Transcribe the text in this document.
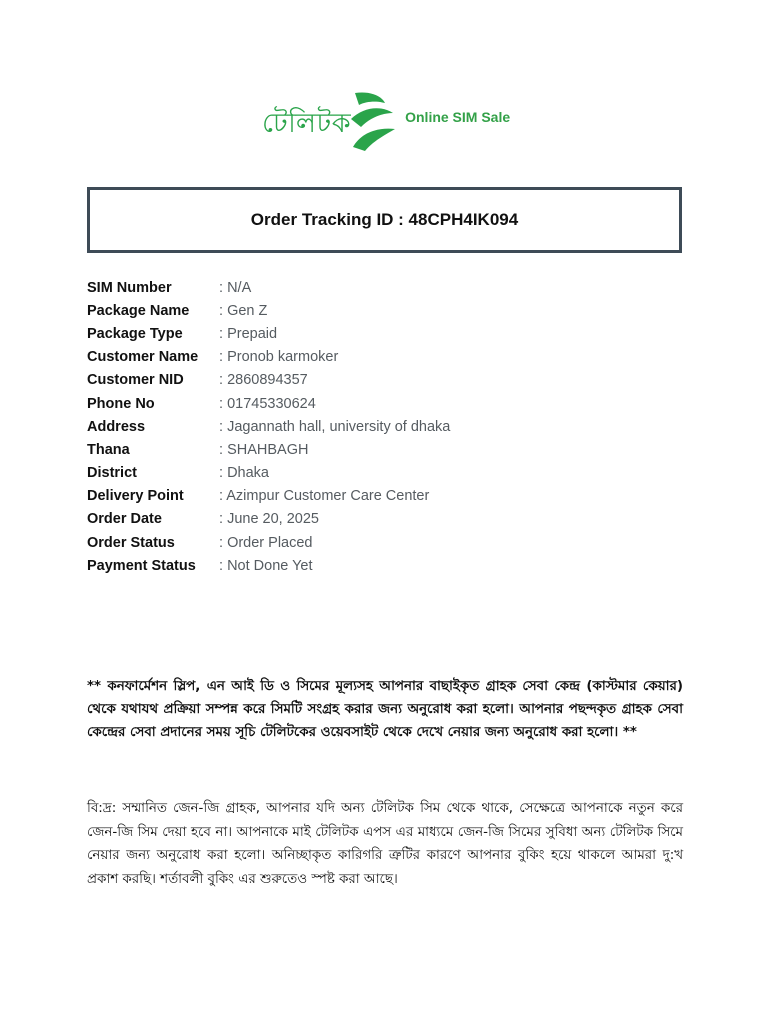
টেলিটক	Online SIM Sale
Order Tracking ID : 48CPH4IK094
SIM Number	: N/A
Package Name	: Gen Z
Package Type	: Prepaid
Customer Name	: Pronob karmoker
Customer NID	: 2860894357
Phone No	: 01745330624
Address	: Jagannath hall, university of dhaka
Thana	: SHAHBAGH
District	: Dhaka
Delivery Point	: Azimpur Customer Care Center
Order Date	: June 20, 2025
Order Status	: Order Placed
Payment Status	: Not Done Yet
** কনফার্মেশন স্লিপ, এন আই ডি ও সিমের মূল্যসহ আপনার বাছাইকৃত গ্রাহক সেবা কেন্দ্র (কাস্টমার কেয়ার) থেকে যথাযথ প্রক্রিয়া সম্পন্ন করে সিমটি সংগ্রহ করার জন্য অনুরোধ করা হলো। আপনার পছন্দকৃত গ্রাহক সেবা কেন্দ্রের সেবা প্রদানের সময় সূচি টেলিটকের ওয়েবসাইট থেকে দেখে নেয়ার জন্য অনুরোধ করা হলো। **
বি:দ্র: সম্মানিত জেন-জি গ্রাহক, আপনার যদি অন্য টেলিটক সিম থেকে থাকে, সেক্ষেত্রে আপনাকে নতুন করে জেন-জি সিম দেয়া হবে না। আপনাকে মাই টেলিটক এপস এর মাধ্যমে জেন-জি সিমের সুবিধা অন্য টেলিটক সিমে নেয়ার জন্য অনুরোধ করা হলো। অনিচ্ছাকৃত কারিগরি ত্রুটির কারণে আপনার বুকিং হয়ে থাকলে আমরা দু:খ প্রকাশ করছি। শর্তাবলী বুকিং এর শুরুতেও স্পষ্ট করা আছে।
